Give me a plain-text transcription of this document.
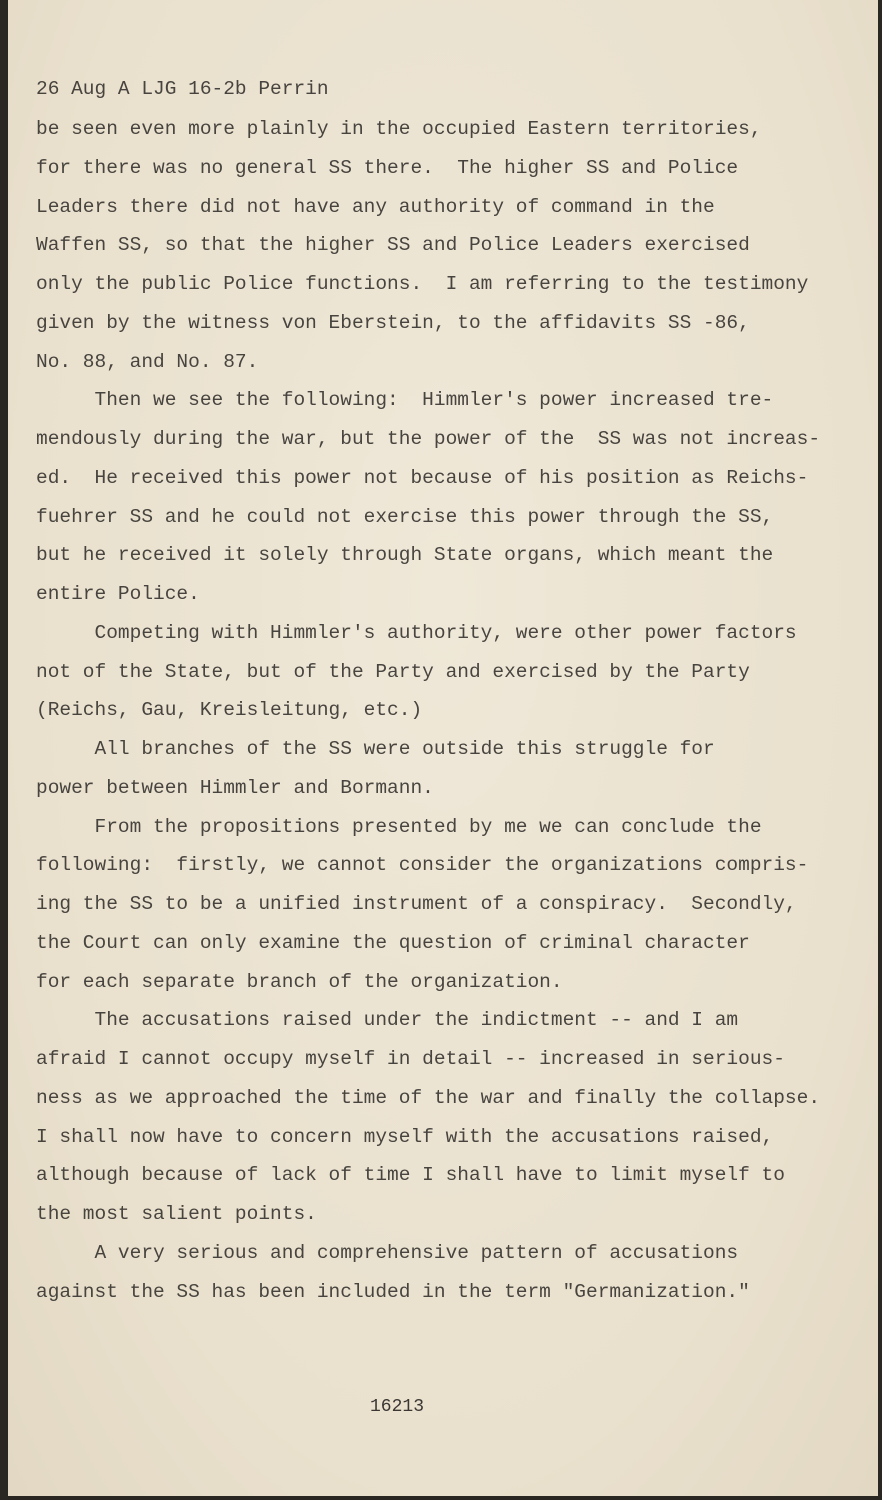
26 Aug A LJG 16-2b Perrin
be seen even more plainly in the occupied Eastern territories,
for there was no general SS there.  The higher SS and Police
Leaders there did not have any authority of command in the
Waffen SS, so that the higher SS and Police Leaders exercised
only the public Police functions.  I am referring to the testimony
given by the witness von Eberstein, to the affidavits SS -86,
No. 88, and No. 87.
Then we see the following:  Himmler's power increased tre-
mendously during the war, but the power of the  SS was not increas-
ed.  He received this power not because of his position as Reichs-
fuehrer SS and he could not exercise this power through the SS,
but he received it solely through State organs, which meant the
entire Police.
Competing with Himmler's authority, were other power factors
not of the State, but of the Party and exercised by the Party
(Reichs, Gau, Kreisleitung, etc.)
All branches of the SS were outside this struggle for
power between Himmler and Bormann.
From the propositions presented by me we can conclude the
following:  firstly, we cannot consider the organizations compris-
ing the SS to be a unified instrument of a conspiracy.  Secondly,
the Court can only examine the question of criminal character
for each separate branch of the organization.
The accusations raised under the indictment -- and I am
afraid I cannot occupy myself in detail -- increased in serious-
ness as we approached the time of the war and finally the collapse.
I shall now have to concern myself with the accusations raised,
although because of lack of time I shall have to limit myself to
the most salient points.
A very serious and comprehensive pattern of accusations
against the SS has been included in the term "Germanization."
16213
